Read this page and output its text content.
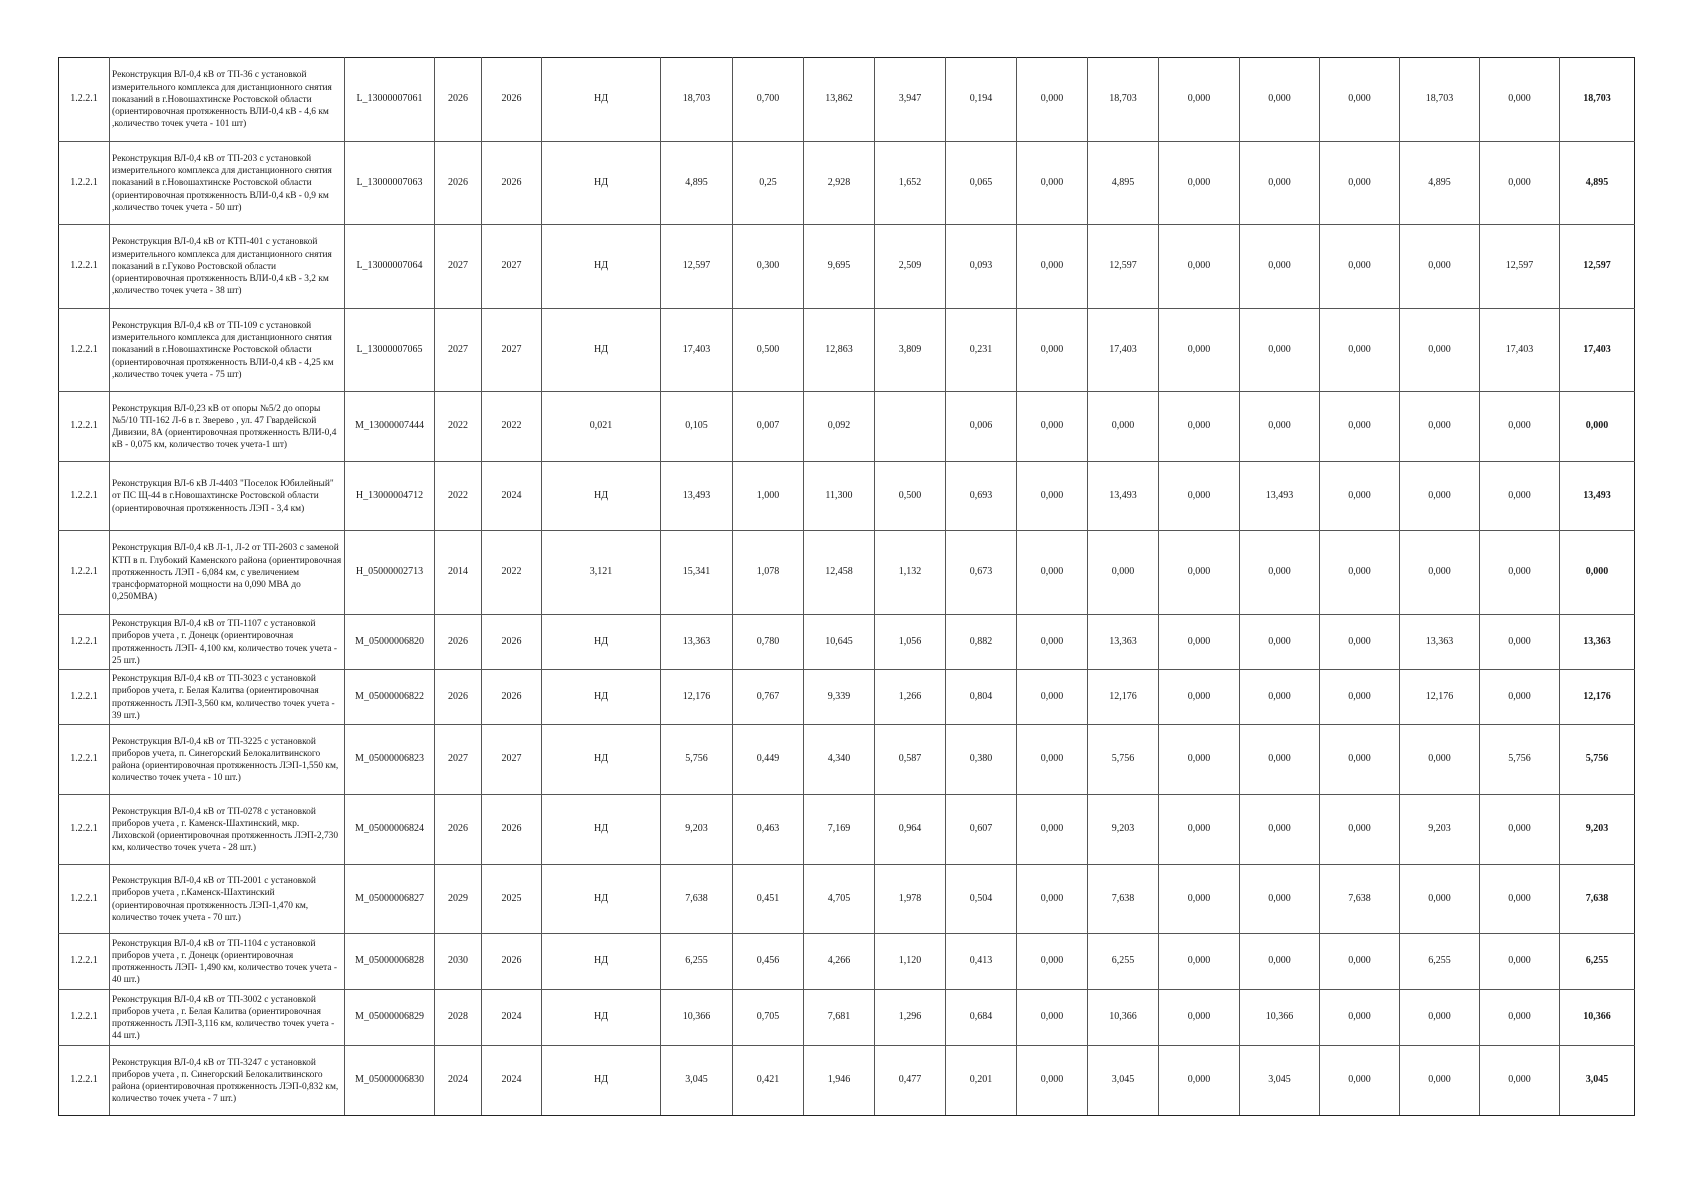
1.2.2.1	Реконструкция ВЛ-0,4 кВ от ТП-36 с установкой измерительного комплекса для дистанционного снятия показаний в г.Новошахтинске Ростовской области (ориентировочная протяженность ВЛИ-0,4 кВ - 4,6 км ,количество точек учета - 101 шт)	L_13000007061	2026	2026	НД	18,703	0,700	13,862	3,947	0,194	0,000	18,703	0,000	0,000	0,000	18,703	0,000	18,703
1.2.2.1	Реконструкция ВЛ-0,4 кВ от ТП-203 с установкой измерительного комплекса для дистанционного снятия показаний в г.Новошахтинске Ростовской области (ориентировочная протяженность ВЛИ-0,4 кВ - 0,9 км ,количество точек учета - 50 шт)	L_13000007063	2026	2026	НД	4,895	0,25	2,928	1,652	0,065	0,000	4,895	0,000	0,000	0,000	4,895	0,000	4,895
1.2.2.1	Реконструкция ВЛ-0,4 кВ от КТП-401 с установкой измерительного комплекса для дистанционного снятия показаний в г.Гуково Ростовской области (ориентировочная протяженность ВЛИ-0,4 кВ - 3,2 км ,количество точек учета - 38 шт)	L_13000007064	2027	2027	НД	12,597	0,300	9,695	2,509	0,093	0,000	12,597	0,000	0,000	0,000	0,000	12,597	12,597
1.2.2.1	Реконструкция ВЛ-0,4 кВ от ТП-109 с установкой измерительного комплекса для дистанционного снятия показаний в г.Новошахтинске Ростовской области (ориентировочная протяженность ВЛИ-0,4 кВ - 4,25 км ,количество точек учета - 75 шт)	L_13000007065	2027	2027	НД	17,403	0,500	12,863	3,809	0,231	0,000	17,403	0,000	0,000	0,000	0,000	17,403	17,403
1.2.2.1	Реконструкция ВЛ-0,23 кВ от опоры №5/2 до опоры №5/10 ТП-162 Л-6 в г. Зверево , ул. 47 Гвардейской Дивизии, 8А (ориентировочная протяженность ВЛИ-0,4 кВ - 0,075 км, количество точек учета-1 шт)	M_13000007444	2022	2022	0,021	0,105	0,007	0,092		0,006	0,000	0,000	0,000	0,000	0,000	0,000	0,000	0,000
1.2.2.1	Реконструкция ВЛ-6 кВ Л-4403 "Поселок Юбилейный" от ПС Щ-44 в г.Новошахтинске Ростовской области (ориентировочная протяженность ЛЭП - 3,4 км)	H_13000004712	2022	2024	НД	13,493	1,000	11,300	0,500	0,693	0,000	13,493	0,000	13,493	0,000	0,000	0,000	13,493
1.2.2.1	Реконструкция ВЛ-0,4 кВ Л-1, Л-2 от ТП-2603 с заменой КТП в п. Глубокий Каменского района (ориентировочная протяженность ЛЭП - 6,084 км, с увеличением трансформаторной мощности на 0,090 МВА до 0,250МВА)	H_05000002713	2014	2022	3,121	15,341	1,078	12,458	1,132	0,673	0,000	0,000	0,000	0,000	0,000	0,000	0,000	0,000
1.2.2.1	Реконструкция ВЛ-0,4 кВ от ТП-1107 с установкой приборов учета , г. Донецк (ориентировочная протяженность ЛЭП- 4,100 км, количество точек учета - 25 шт.)	M_05000006820	2026	2026	НД	13,363	0,780	10,645	1,056	0,882	0,000	13,363	0,000	0,000	0,000	13,363	0,000	13,363
1.2.2.1	Реконструкция ВЛ-0,4 кВ от ТП-3023 с установкой приборов учета, г. Белая Калитва (ориентировочная протяженность ЛЭП-3,560 км, количество точек учета - 39 шт.)	M_05000006822	2026	2026	НД	12,176	0,767	9,339	1,266	0,804	0,000	12,176	0,000	0,000	0,000	12,176	0,000	12,176
1.2.2.1	Реконструкция ВЛ-0,4 кВ от ТП-3225 с установкой приборов учета, п. Синегорский Белокалитвинского района (ориентировочная протяженность ЛЭП-1,550 км, количество точек учета - 10 шт.)	M_05000006823	2027	2027	НД	5,756	0,449	4,340	0,587	0,380	0,000	5,756	0,000	0,000	0,000	0,000	5,756	5,756
1.2.2.1	Реконструкция ВЛ-0,4 кВ от ТП-0278 с установкой приборов учета , г. Каменск-Шахтинский, мкр. Лиховской (ориентировочная протяженность ЛЭП-2,730 км, количество точек учета - 28 шт.)	M_05000006824	2026	2026	НД	9,203	0,463	7,169	0,964	0,607	0,000	9,203	0,000	0,000	0,000	9,203	0,000	9,203
1.2.2.1	Реконструкция ВЛ-0,4 кВ от ТП-2001 с установкой приборов учета , г.Каменск-Шахтинский (ориентировочная протяженность ЛЭП-1,470 км, количество точек учета - 70 шт.)	M_05000006827	2029	2025	НД	7,638	0,451	4,705	1,978	0,504	0,000	7,638	0,000	0,000	7,638	0,000	0,000	7,638
1.2.2.1	Реконструкция ВЛ-0,4 кВ от ТП-1104 с установкой приборов учета , г. Донецк (ориентировочная протяженность ЛЭП- 1,490 км, количество точек учета - 40 шт.)	M_05000006828	2030	2026	НД	6,255	0,456	4,266	1,120	0,413	0,000	6,255	0,000	0,000	0,000	6,255	0,000	6,255
1.2.2.1	Реконструкция ВЛ-0,4 кВ от ТП-3002 с установкой приборов учета , г. Белая Калитва (ориентировочная протяженность ЛЭП-3,116 км, количество точек учета - 44 шт.)	M_05000006829	2028	2024	НД	10,366	0,705	7,681	1,296	0,684	0,000	10,366	0,000	10,366	0,000	0,000	0,000	10,366
1.2.2.1	Реконструкция ВЛ-0,4 кВ от ТП-3247 с установкой приборов учета , п. Синегорский Белокалитвинского района (ориентировочная протяженность ЛЭП-0,832 км, количество точек учета - 7 шт.)	M_05000006830	2024	2024	НД	3,045	0,421	1,946	0,477	0,201	0,000	3,045	0,000	3,045	0,000	0,000	0,000	3,045
